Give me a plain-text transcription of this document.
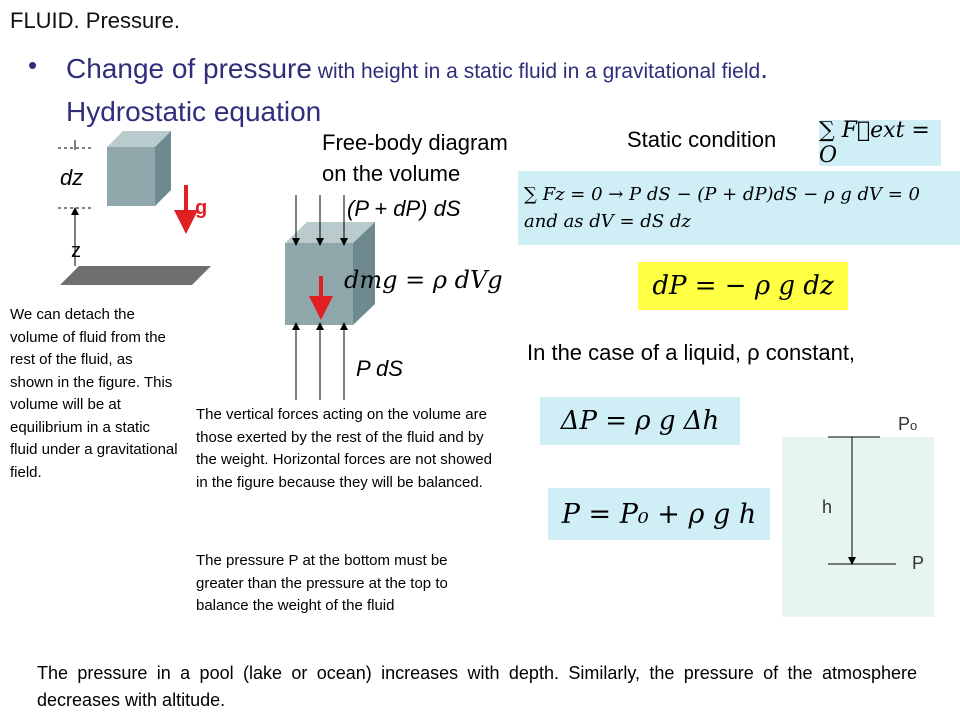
FLUID. Pressure.
• Change of pressure with height in a static fluid in a gravitational field.
Hydrostatic equation
dz
z
g
We can detach the volume of fluid from the rest of the fluid, as shown in the figure. This volume will be at equilibrium in a static fluid under a gravitational field.
Free-body diagram
on the volume
(P + dP) dS
P dS
dmg = ρ dVg
The vertical forces acting on the volume are those exerted by the rest of the fluid and by the weight. Horizontal forces are not showed in the figure because they will be balanced.
The pressure P at the bottom must be greater than the pressure at the top to balance the weight of the fluid
Static condition ∑ F⃗ext = O
∑ Fz = 0 → P dS − (P + dP)dS − ρ g dV = 0
and as dV = dS dz
dP = − ρ g dz
In the case of a liquid, ρ constant,
ΔP = ρ g Δh
P = P₀ + ρ g h
Po
h
P
The pressure in a pool (lake or ocean) increases with depth. Similarly, the pressure of the atmosphere decreases with altitude.
